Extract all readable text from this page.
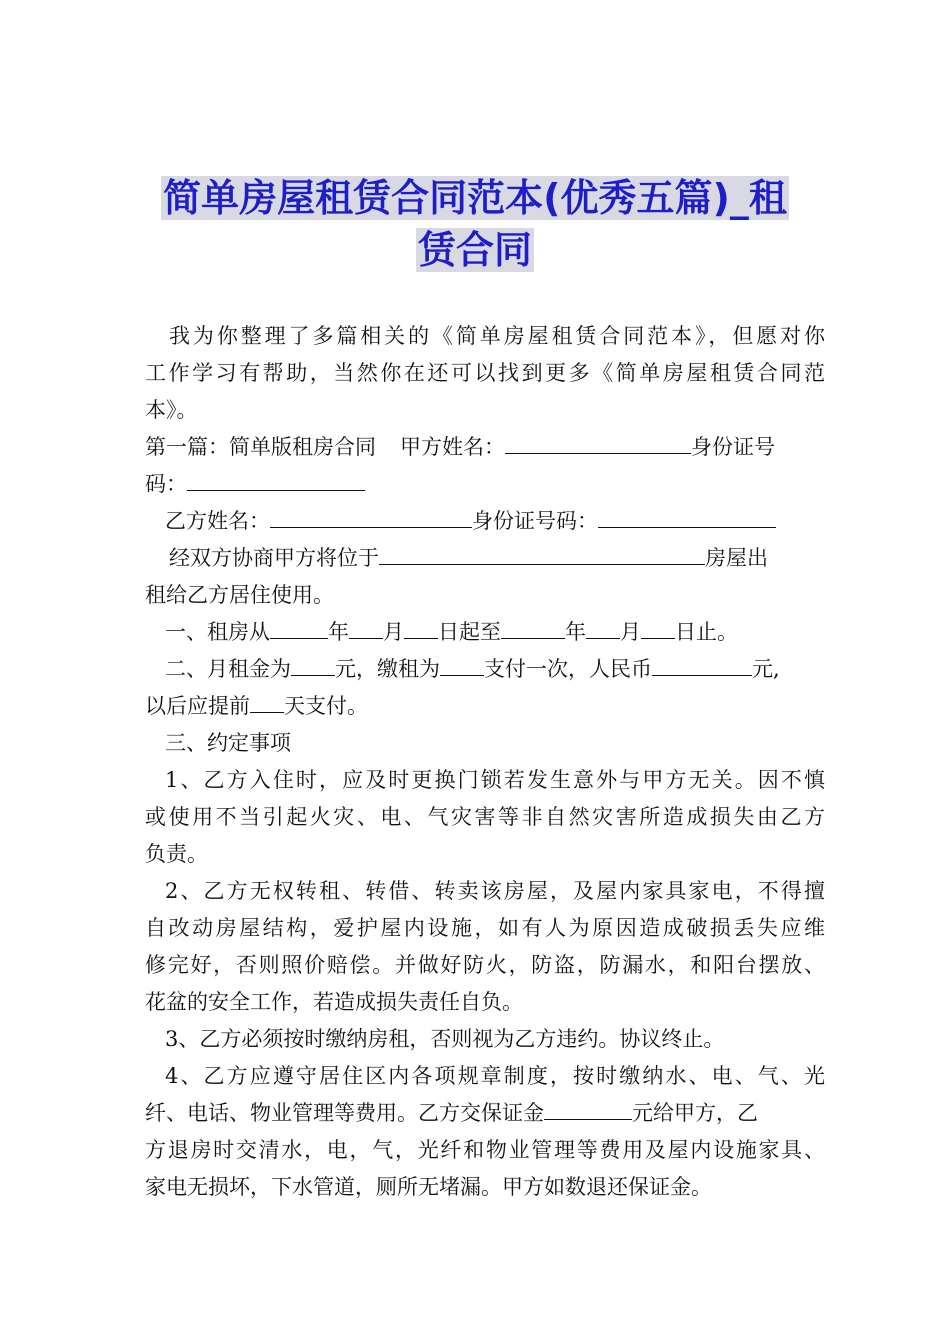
简单房屋租赁合同范本(优秀五篇)_租
赁合同
我为你整理了多篇相关的《简单房屋租赁合同范本》，但愿对你
工作学习有帮助，当然你在还可以找到更多《简单房屋租赁合同范
本》。
第一篇：简单版租房合同 甲方姓名：	身份证号
码：
乙方姓名：	身份证号码：
经双方协商甲方将位于	房屋出
租给乙方居住使用。
一、租房从	年 月 日起至	年 月 日止。
二、月租金为 元，缴租为 支付一次，人民币	元,
以后应提前 天支付。
三、约定事项
1、乙方入住时，应及时更换门锁若发生意外与甲方无关。因不慎
或使用不当引起火灾、电、气灾害等非自然灾害所造成损失由乙方
负责。
2、乙方无权转租、转借、转卖该房屋，及屋内家具家电，不得擅
自改动房屋结构，爱护屋内设施，如有人为原因造成破损丢失应维
修完好，否则照价赔偿。并做好防火，防盗，防漏水，和阳台摆放、
花盆的安全工作，若造成损失责任自负。
3、乙方必须按时缴纳房租，否则视为乙方违约。协议终止。
4、乙方应遵守居住区内各项规章制度，按时缴纳水、电、气、光
纤、电话、物业管理等费用。乙方交保证金	元给甲方，乙
方退房时交清水，电，气，光纤和物业管理等费用及屋内设施家具、
家电无损坏，下水管道，厕所无堵漏。甲方如数退还保证金。
